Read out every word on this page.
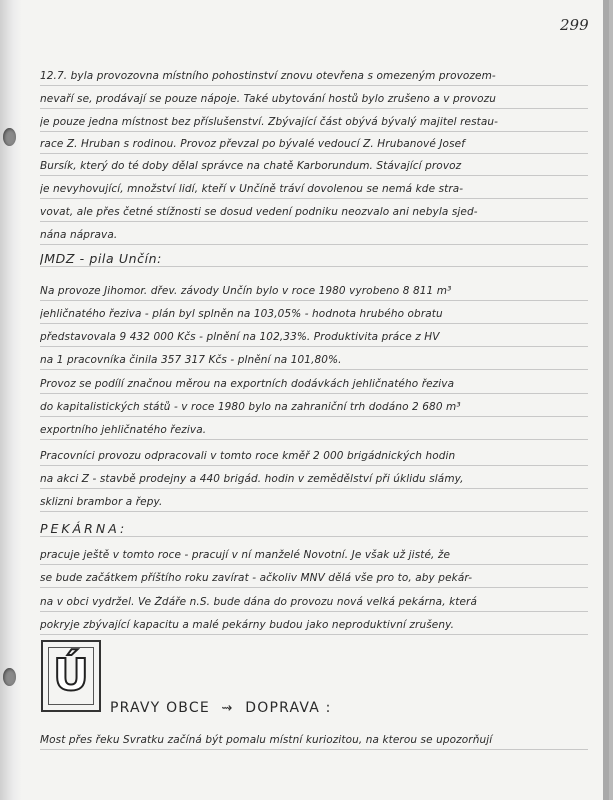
299
12.7. byla provozovna místního pohostinství znovu otevřena s omezeným provozem-
nevaří se, prodávají se pouze nápoje. Také ubytování hostů bylo zrušeno a v provozu
je pouze jedna místnost bez příslušenství. Zbývající část obývá bývalý majitel restau-
race Z. Hruban s rodinou. Provoz převzal po bývalé vedoucí Z. Hrubanové Josef
Bursík, který do té doby dělal správce na chatě Karborundum. Stávající provoz
je nevyhovující, množství lidí, kteří v Unčíně tráví dovolenou se nemá kde stra-
vovat, ale přes četné stížnosti se dosud vedení podniku neozvalo ani nebyla sjed-
nána náprava.
JMDZ - pila Unčín:
Na provoze Jihomor. dřev. závody Unčín bylo v roce 1980 vyrobeno 8 811 m³
jehličnatého řeziva - plán byl splněn na 103,05% - hodnota hrubého obratu
představovala 9 432 000 Kčs - plnění na 102,33%. Produktivita práce z HV
na 1 pracovníka činila 357 317 Kčs - plnění na 101,80%.
Provoz se podílí značnou měrou na exportních dodávkách jehličnatého řeziva
do kapitalistických států - v roce 1980 bylo na zahraniční trh dodáno 2 680 m³
exportního jehličnatého řeziva.
Pracovníci provozu odpracovali v tomto roce kměř 2 000 brigádnických hodin
na akci Z - stavbě prodejny a 440 brigád. hodin v zemědělství při úklidu slámy,
sklizni brambor a řepy.
PEKÁRNA:
pracuje ještě v tomto roce - pracují v ní manželé Novotní. Je však už jisté, že
se bude začátkem příštího roku zavírat - ačkoliv MNV dělá vše pro to, aby pekár-
na v obci vydržel. Ve Ždáře n.S. bude dána do provozu nová velká pekárna, která
pokryje zbývající kapacitu a malé pekárny budou jako neproduktivní zrušeny.
Most přes řeku Svratku začíná být pomalu místní kuriozitou, na kterou se upozorňují
Ú
PRAVY OBCE ⇝ DOPRAVA :
